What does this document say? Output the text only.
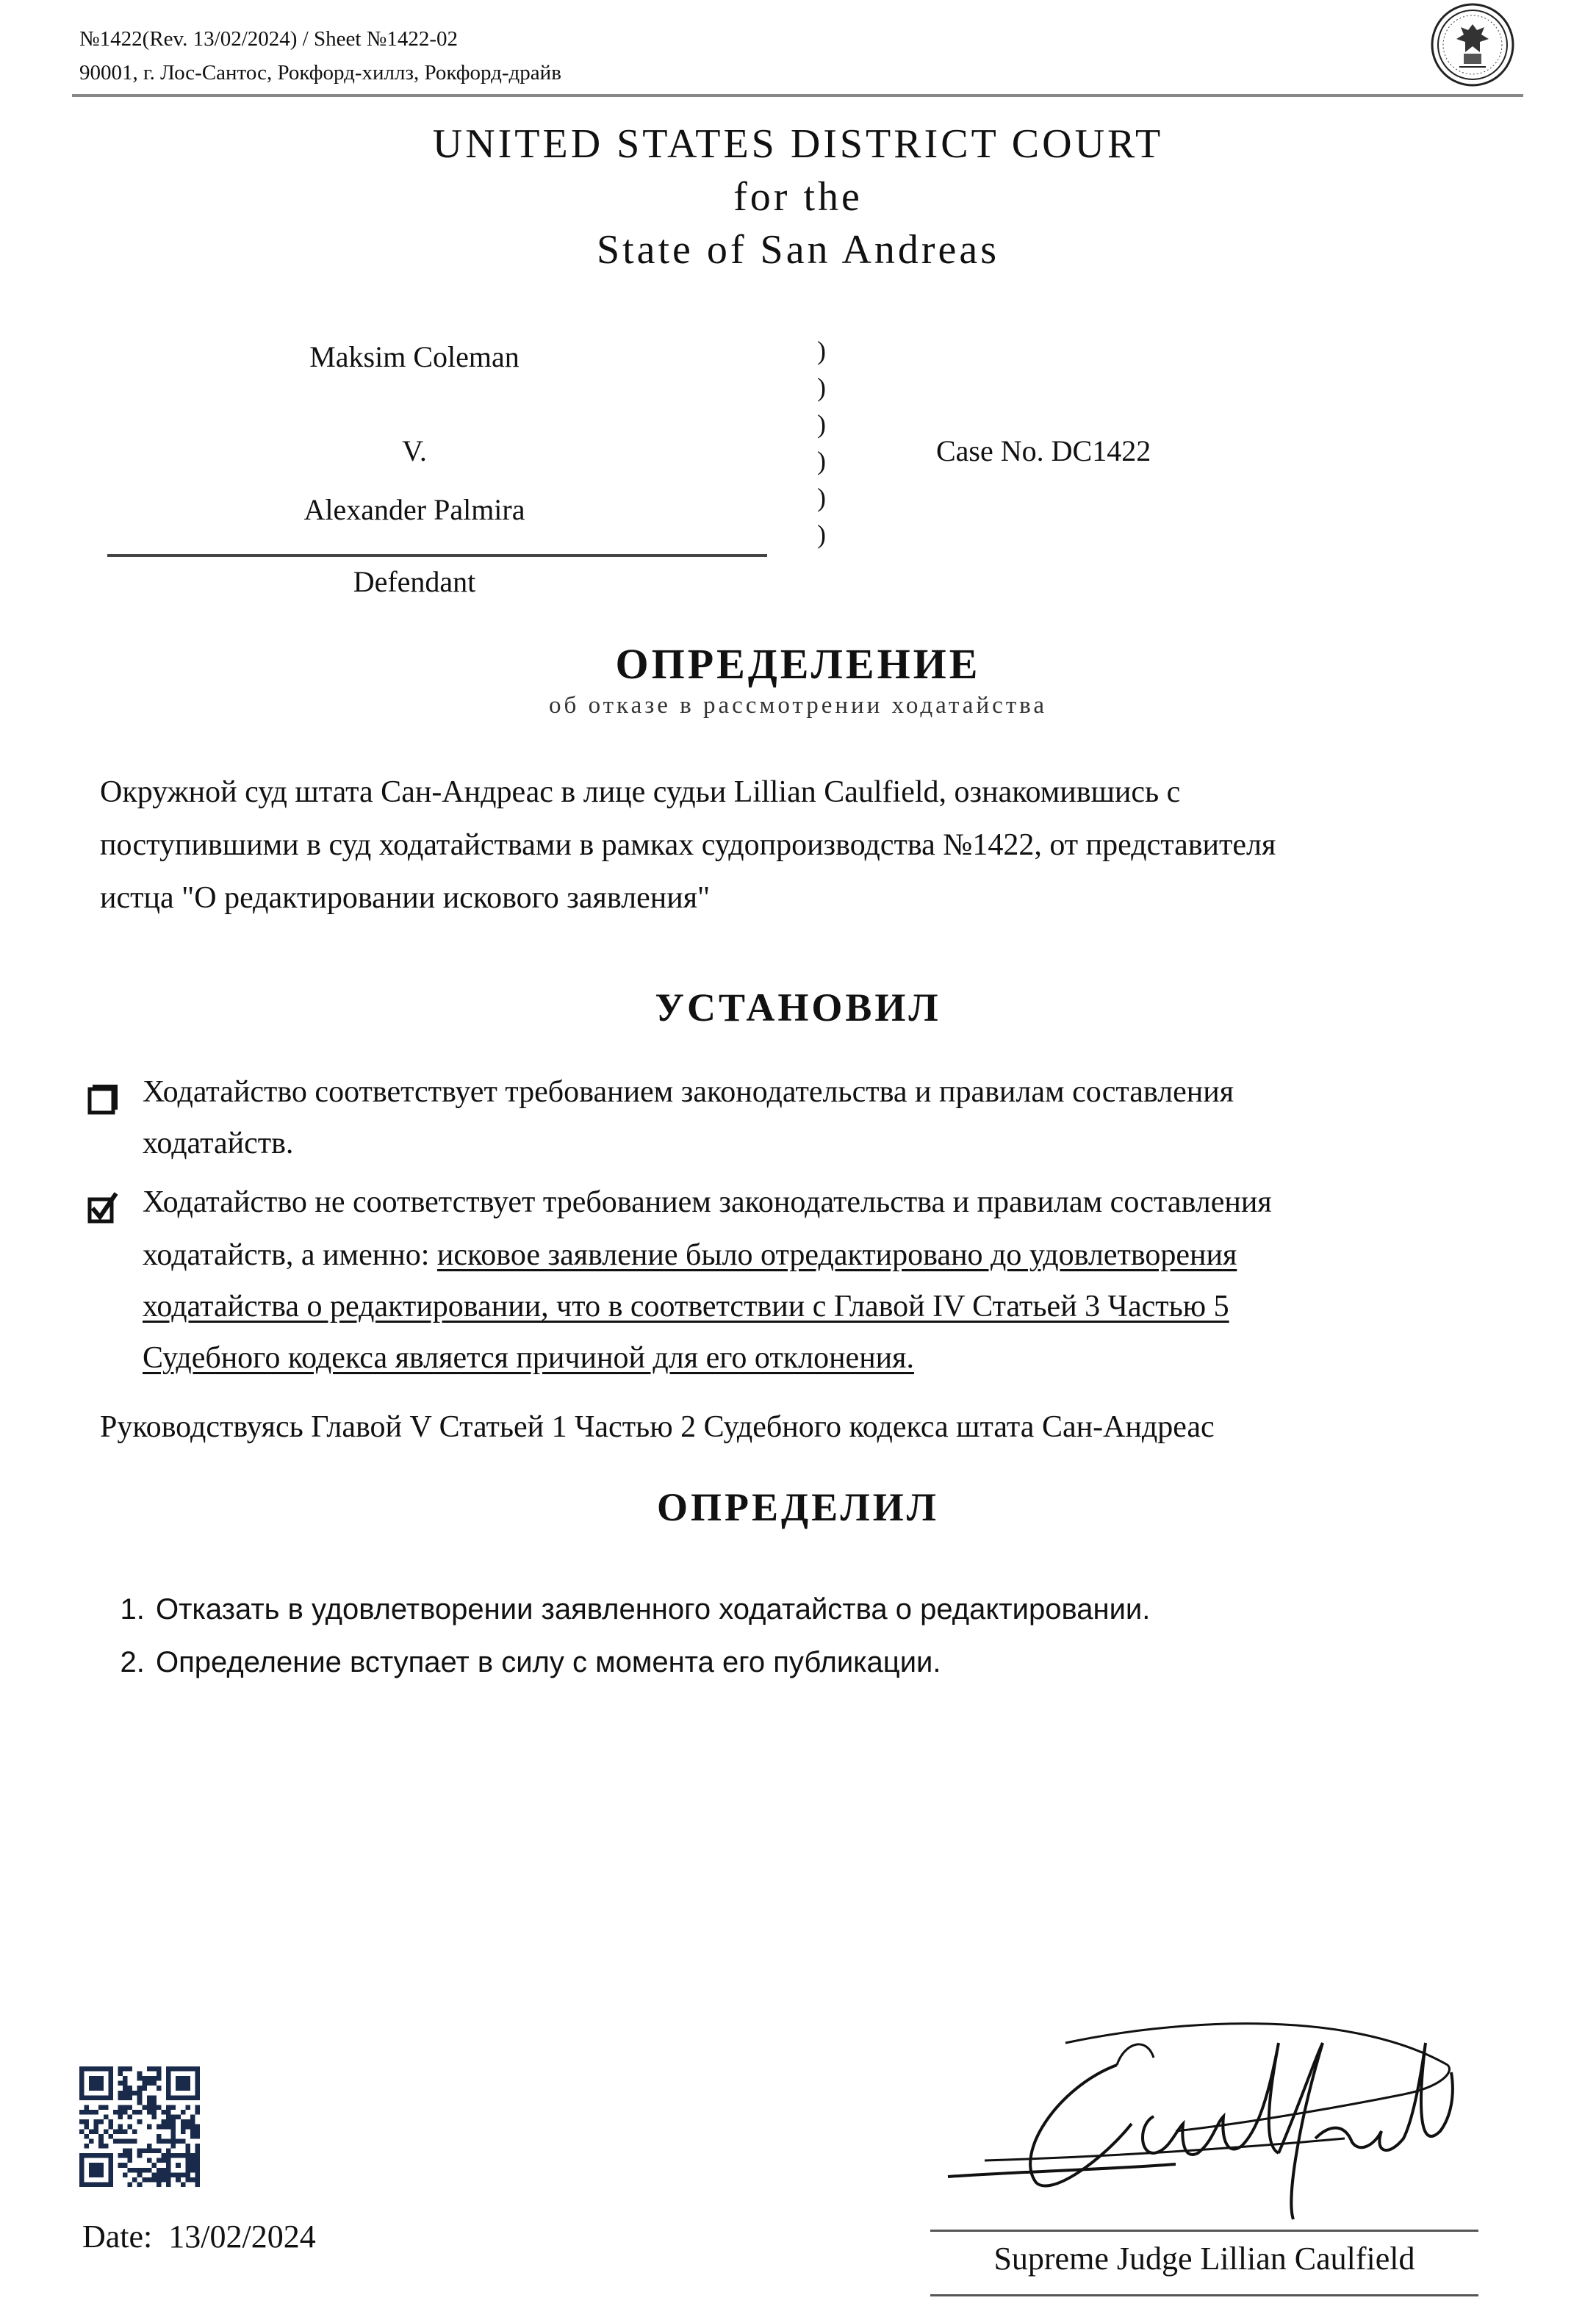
№1422(Rev. 13/02/2024) / Sheet №1422-02
90001, г. Лос-Сантос, Рокфорд-хиллз, Рокфорд-драйв
UNITED STATES DISTRICT COURT
for the
State of San Andreas
Maksim Coleman
V.
Alexander Palmira
Defendant
)
)
)
)
)
)
Case No. DC1422
ОПРЕДЕЛЕНИЕ
об отказе в рассмотрении ходатайства
Окружной суд штата Сан-Андреас в лице судьи Lillian Caulfield, ознакомившись с
поступившими в суд ходатайствами в рамках судопроизводства №1422, от представителя
истца "О редактировании искового заявления"
УСТАНОВИЛ
Ходатайство соответствует требованием законодательства и правилам составления
ходатайств.
Ходатайство не соответствует требованием законодательства и правилам составления
ходатайств, а именно: исковое заявление было отредактировано до удовлетворения
ходатайства о редактировании, что в соответствии с Главой IV Статьей 3 Частью 5
Судебного кодекса является причиной для его отклонения.
Руководствуясь Главой V Статьей 1 Частью 2 Судебного кодекса штата Сан-Андреас
ОПРЕДЕЛИЛ
1. Отказать в удовлетворении заявленного ходатайства о редактировании.
2. Определение вступает в силу с момента его публикации.
Date: 13/02/2024
Supreme Judge Lillian Caulfield
